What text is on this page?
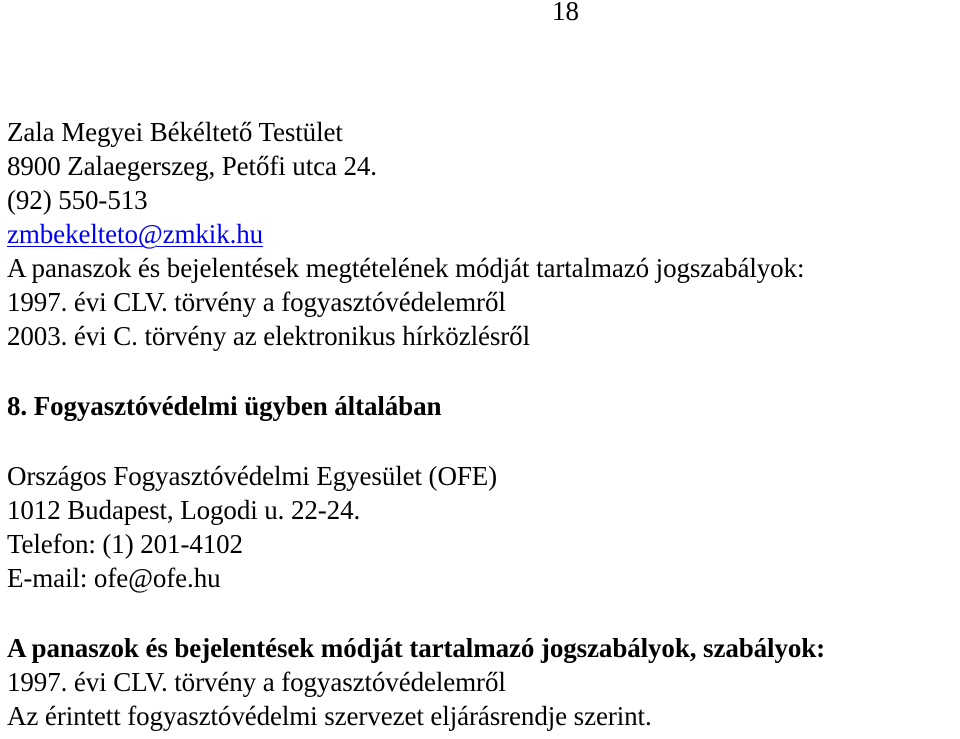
18
Zala Megyei Békéltető Testület
8900 Zalaegerszeg, Petőfi utca 24.
(92) 550-513
zmbekelteto@zmkik.hu
A panaszok és bejelentések megtételének módját tartalmazó jogszabályok:
1997. évi CLV. törvény a fogyasztóvédelemről
2003. évi C. törvény az elektronikus hírközlésről
8. Fogyasztóvédelmi ügyben általában
Országos Fogyasztóvédelmi Egyesület (OFE)
1012 Budapest, Logodi u. 22-24.
Telefon: (1) 201-4102
E-mail: ofe@ofe.hu
A panaszok és bejelentések módját tartalmazó jogszabályok, szabályok:
1997. évi CLV. törvény a fogyasztóvédelemről
Az érintett fogyasztóvédelmi szervezet eljárásrendje szerint.
